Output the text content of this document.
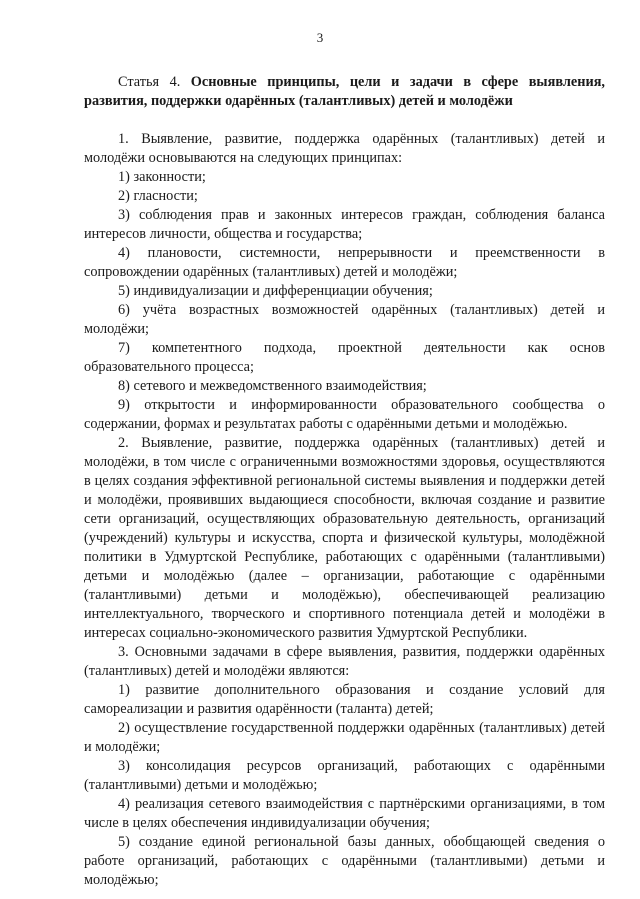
3

Статья 4. Основные принципы, цели и задачи в сфере выявления, развития, поддержки одарённых (талантливых) детей и молодёжи

1. Выявление, развитие, поддержка одарённых (талантливых) детей и молодёжи основываются на следующих принципах:

1) законности;

2) гласности;

3) соблюдения прав и законных интересов граждан, соблюдения баланса интересов личности, общества и государства;

4) плановости, системности, непрерывности и преемственности в сопровождении одарённых (талантливых) детей и молодёжи;

5) индивидуализации и дифференциации обучения;

6) учёта возрастных возможностей одарённых (талантливых) детей и молодёжи;

7) компетентного подхода, проектной деятельности как основ образовательного процесса;

8) сетевого и межведомственного взаимодействия;

9) открытости и информированности образовательного сообщества о содержании, формах и результатах работы с одарёнными детьми и молодёжью.

2. Выявление, развитие, поддержка одарённых (талантливых) детей и молодёжи, в том числе с ограниченными возможностями здоровья, осуществляются в целях создания эффективной региональной системы выявления и поддержки детей и молодёжи, проявивших выдающиеся способности, включая создание и развитие сети организаций, осуществляющих образовательную деятельность, организаций (учреждений) культуры и искусства, спорта и физической культуры, молодёжной политики в Удмуртской Республике, работающих с одарёнными (талантливыми) детьми и молодёжью (далее – организации, работающие с одарёнными (талантливыми) детьми и молодёжью), обеспечивающей реализацию интеллектуального, творческого и спортивного потенциала детей и молодёжи в интересах социально-экономического развития Удмуртской Республики.

3. Основными задачами в сфере выявления, развития, поддержки одарённых (талантливых) детей и молодёжи являются:

1) развитие дополнительного образования и создание условий для самореализации и развития одарённости (таланта) детей;

2) осуществление государственной поддержки одарённых (талантливых) детей и молодёжи;

3) консолидация ресурсов организаций, работающих с одарёнными (талантливыми) детьми и молодёжью;

4) реализация сетевого взаимодействия с партнёрскими организациями, в том числе в целях обеспечения индивидуализации обучения;

5) создание единой региональной базы данных, обобщающей сведения о работе организаций, работающих с одарёнными (талантливыми) детьми и молодёжью;
